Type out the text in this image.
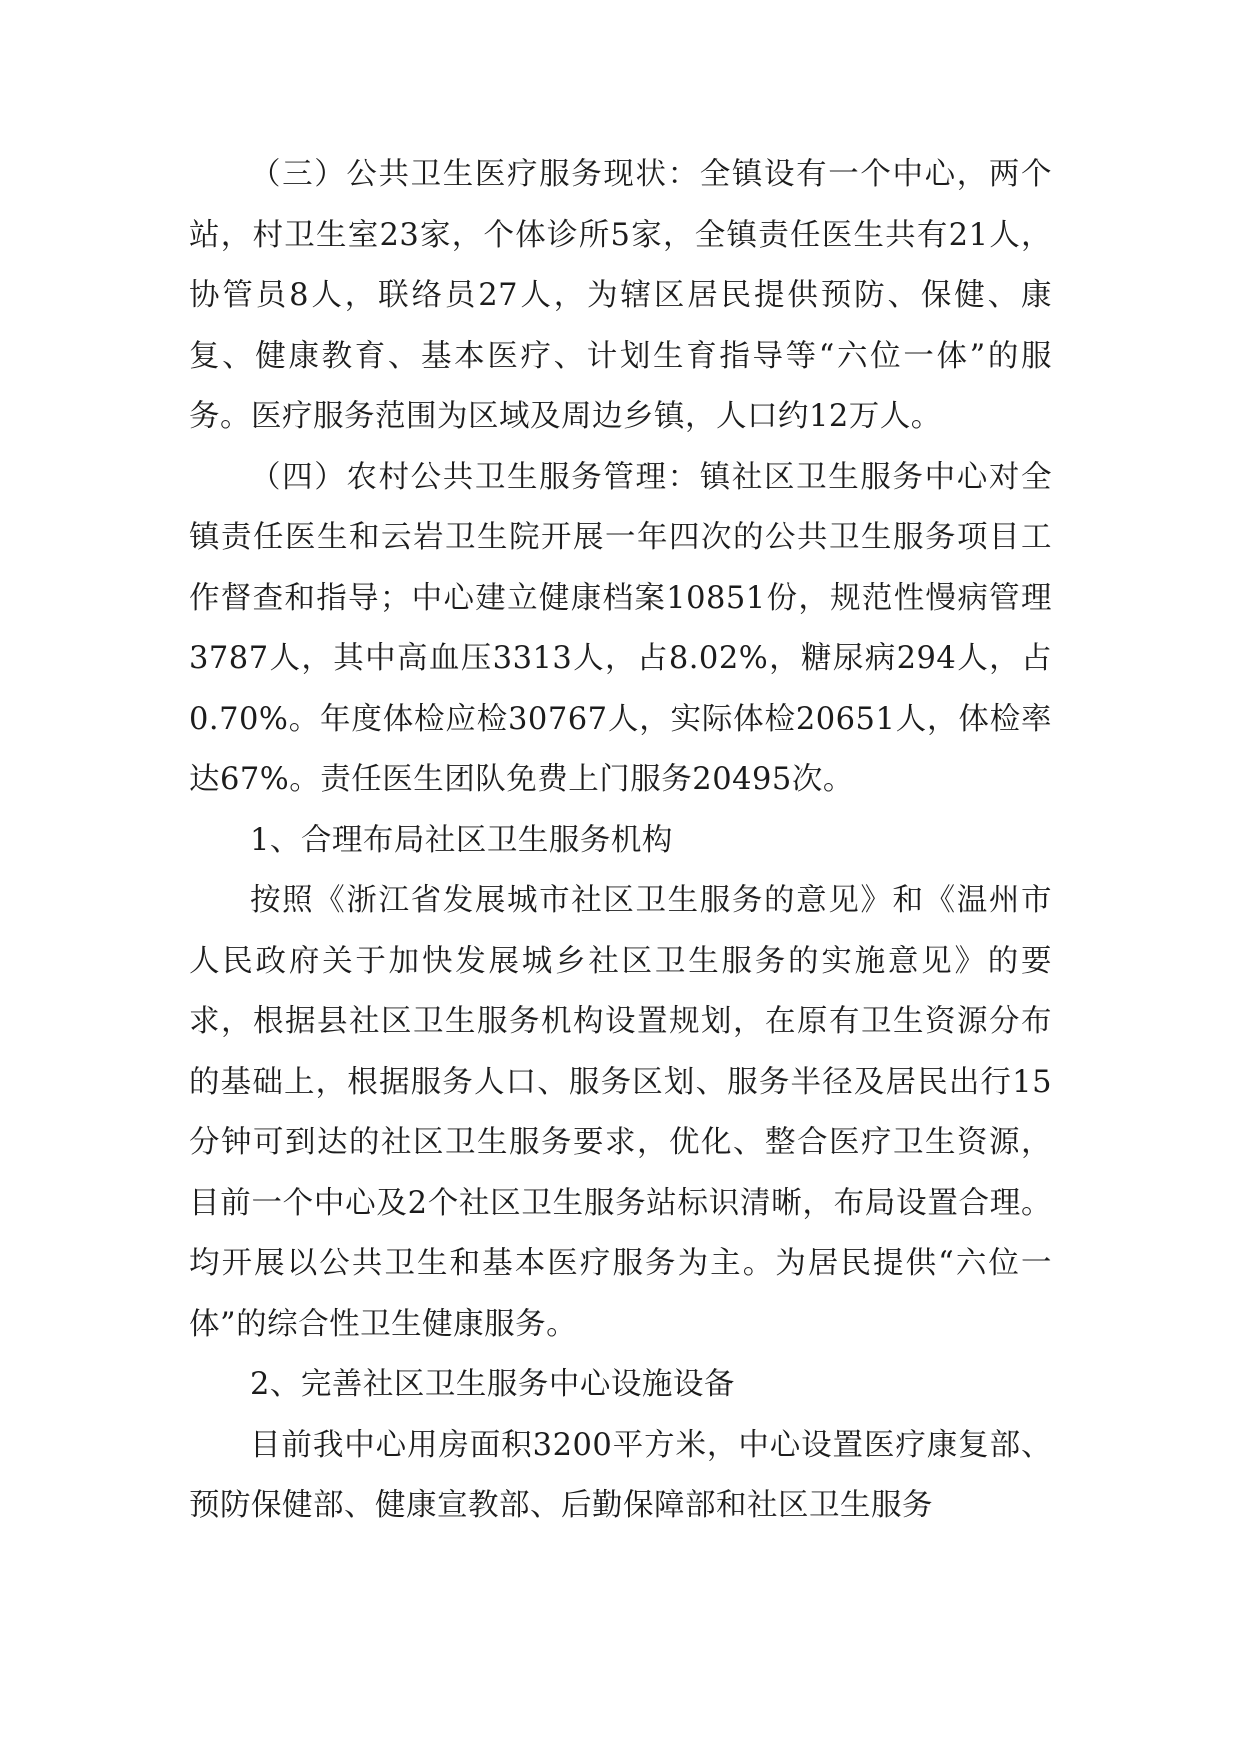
（三）公共卫生医疗服务现状：全镇设有一个中心，两个站，村卫生室23家，个体诊所5家，全镇责任医生共有21人，协管员8人，联络员27人，为辖区居民提供预防、保健、康复、健康教育、基本医疗、计划生育指导等“六位一体”的服务。医疗服务范围为区域及周边乡镇，人口约12万人。

（四）农村公共卫生服务管理：镇社区卫生服务中心对全镇责任医生和云岩卫生院开展一年四次的公共卫生服务项目工作督查和指导；中心建立健康档案10851份，规范性慢病管理3787人，其中高血压3313人，占8.02%，糖尿病294人，占0.70%。年度体检应检30767人，实际体检20651人，体检率达67%。责任医生团队免费上门服务20495次。

1、合理布局社区卫生服务机构

按照《浙江省发展城市社区卫生服务的意见》和《温州市人民政府关于加快发展城乡社区卫生服务的实施意见》的要求，根据县社区卫生服务机构设置规划，在原有卫生资源分布的基础上，根据服务人口、服务区划、服务半径及居民出行15分钟可到达的社区卫生服务要求，优化、整合医疗卫生资源，目前一个中心及2个社区卫生服务站标识清晰，布局设置合理。均开展以公共卫生和基本医疗服务为主。为居民提供“六位一体”的综合性卫生健康服务。

2、完善社区卫生服务中心设施设备

目前我中心用房面积3200平方米，中心设置医疗康复部、预防保健部、健康宣教部、后勤保障部和社区卫生服务
